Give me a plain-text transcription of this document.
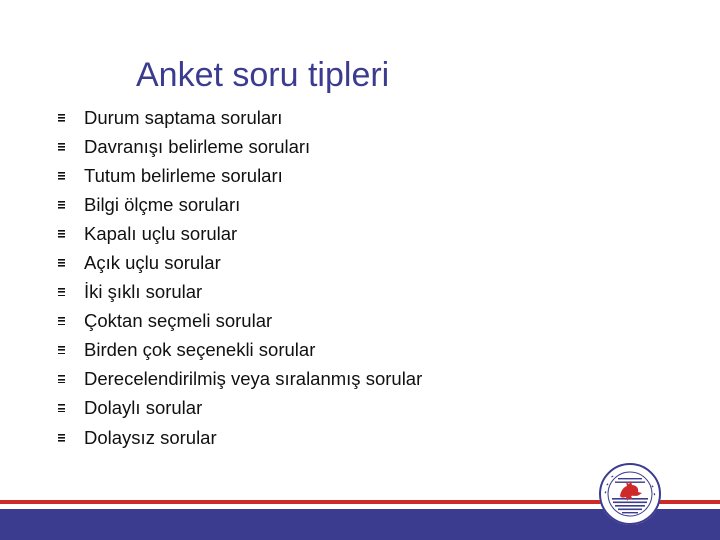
Anket soru tipleri
Durum saptama soruları
Davranışı belirleme soruları
Tutum belirleme soruları
Bilgi ölçme soruları
Kapalı uçlu sorular
Açık uçlu sorular
İki şıklı sorular
Çoktan seçmeli sorular
Birden çok seçenekli sorular
Derecelendirilmiş veya sıralanmış sorular
Dolaylı sorular
Dolaysız sorular
